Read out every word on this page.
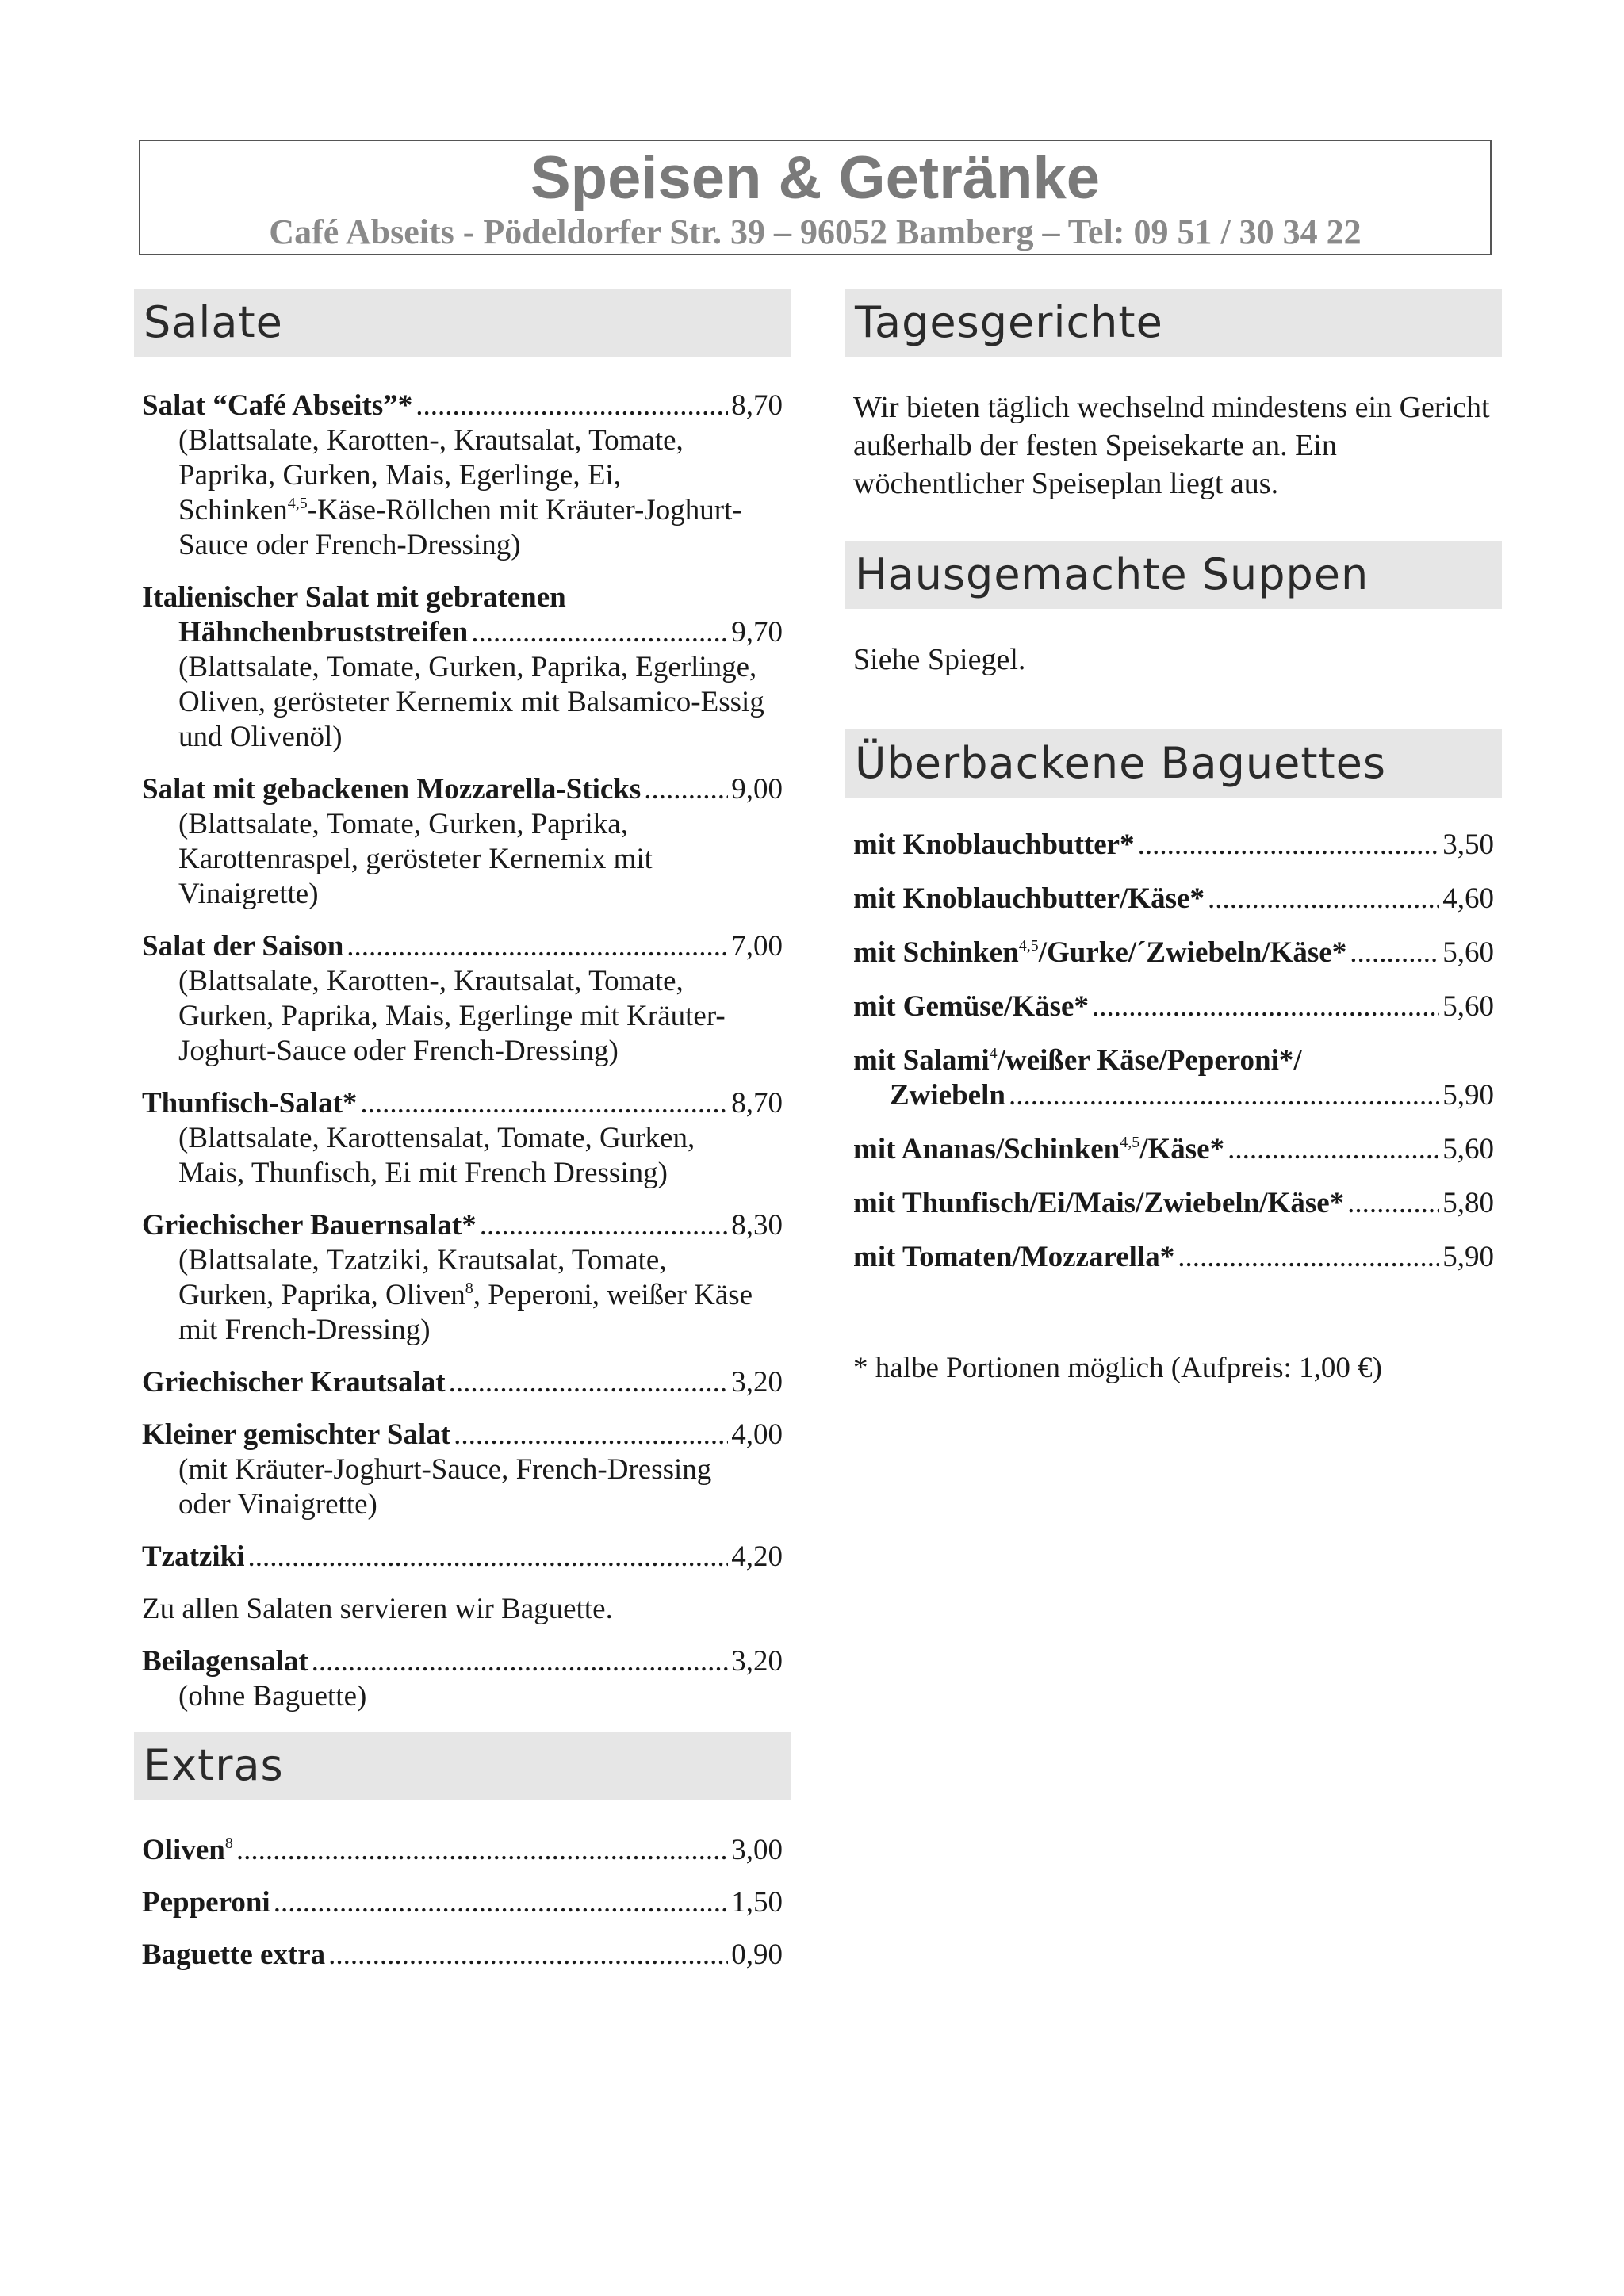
Speisen & Getränke
Café Abseits - Pödeldorfer Str. 39 – 96052 Bamberg – Tel: 09 51 / 30 34 22
Salate
Salat “Café Abseits”* .....	8,70
(Blattsalate, Karotten-, Krautsalat, Tomate,
Paprika, Gurken, Mais, Egerlinge, Ei,
Schinken$^{4,5}$-Käse-Röllchen mit Kräuter-Joghurt-
Sauce oder French-Dressing)
Italienischer Salat mit gebratenen
Hähnchenbruststreifen .....	9,70
(Blattsalate, Tomate, Gurken, Paprika, Egerlinge,
Oliven, gerösteter Kernemix mit Balsamico-Essig
und Olivenöl)
Salat mit gebackenen Mozzarella-Sticks .....	9,00
(Blattsalate, Tomate, Gurken, Paprika,
Karottenraspel, gerösteter Kernemix mit
Vinaigrette)
Salat der Saison .....	7,00
(Blattsalate, Karotten-, Krautsalat, Tomate,
Gurken, Paprika, Mais, Egerlinge mit Kräuter-
Joghurt-Sauce oder French-Dressing)
Thunfisch-Salat* .....	8,70
(Blattsalate, Karottensalat, Tomate, Gurken,
Mais, Thunfisch, Ei mit French Dressing)
Griechischer Bauernsalat* .....	8,30
(Blattsalate, Tzatziki, Krautsalat, Tomate,
Gurken, Paprika, Oliven$^8$, Peperoni, weißer Käse
mit French-Dressing)
Griechischer Krautsalat .....	3,20
Kleiner gemischter Salat .....	4,00
(mit Kräuter-Joghurt-Sauce, French-Dressing
oder Vinaigrette)
Tzatziki .....	4,20
Zu allen Salaten servieren wir Baguette.
Beilagensalat .....	3,20
(ohne Baguette)
Extras
Oliven$^8$ .....	3,00
Pepperoni .....	1,50
Baguette extra .....	0,90
Tagesgerichte
Wir bieten täglich wechselnd mindestens ein Gericht außerhalb der festen Speisekarte an. Ein wöchentlicher Speiseplan liegt aus.
Hausgemachte Suppen
Siehe Spiegel.
Überbackene Baguettes
mit Knoblauchbutter* .....	3,50
mit Knoblauchbutter/Käse* .....	4,60
mit Schinken$^{4,5}$/Gurke/´Zwiebeln/Käse* .....	5,60
mit Gemüse/Käse* .....	5,60
mit Salami$^4$/weißer Käse/Peperoni*/
Zwiebeln .....	5,90
mit Ananas/Schinken$^{4,5}$/Käse* .....	5,60
mit Thunfisch/Ei/Mais/Zwiebeln/Käse* .....	5,80
mit Tomaten/Mozzarella* .....	5,90
* halbe Portionen möglich (Aufpreis: 1,00 €)
